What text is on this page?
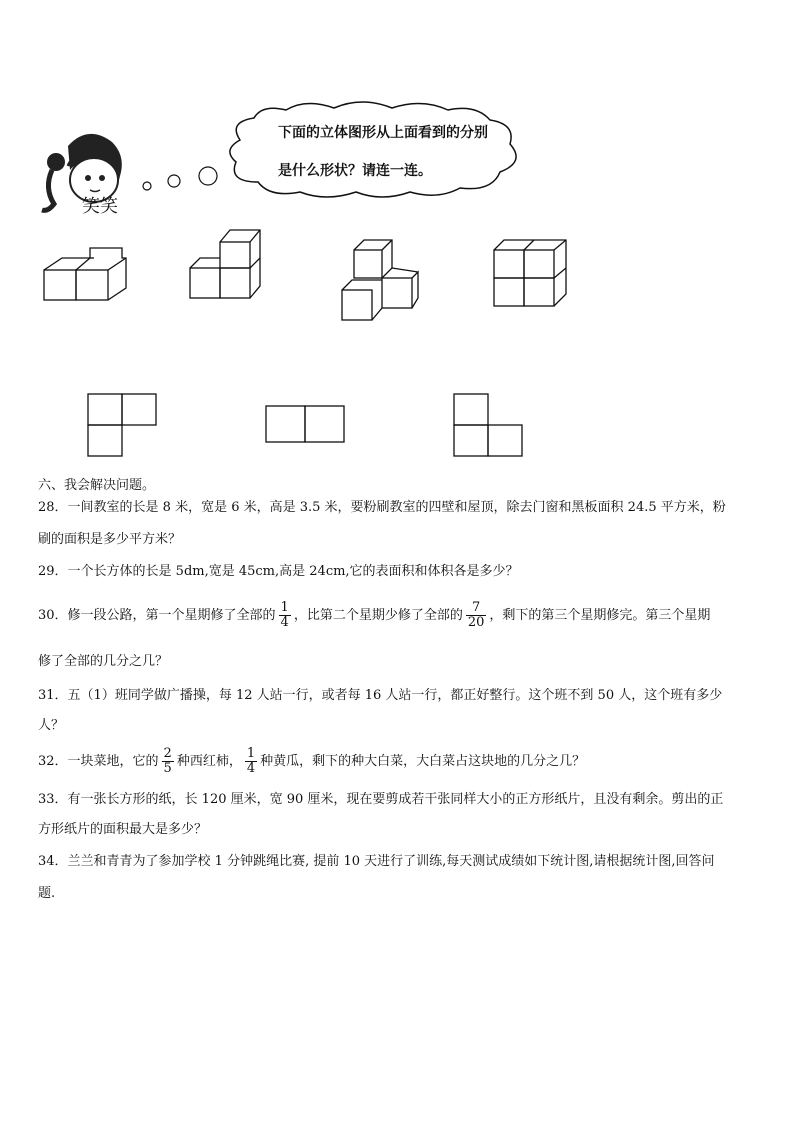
笑笑
下面的立体图形从上面看到的分别
是什么形状？请连一连。
六、我会解决问题。
28．一间教室的长是 8 米，宽是 6 米，高是 3.5 米，要粉刷教室的四壁和屋顶，除去门窗和黑板面积 24.5 平方米，粉
刷的面积是多少平方米？
29．一个长方体的长是 5dm,宽是 45cm,高是 24cm,它的表面积和体积各是多少？
30．修一段公路，第一个星期修了全部的 $\frac{1}{4}$ ，比第二个星期少修了全部的 $\frac{7}{20}$ ，剩下的第三个星期修完。第三个星期
修了全部的几分之几？
31．五（1）班同学做广播操，每 12 人站一行，或者每 16 人站一行，都正好整行。这个班不到 50 人，这个班有多少
人？
32．一块菜地，它的 $\frac{2}{5}$ 种西红柿， $\frac{1}{4}$ 种黄瓜，剩下的种大白菜，大白菜占这块地的几分之几？
33．有一张长方形的纸，长 120 厘米，宽 90 厘米，现在要剪成若干张同样大小的正方形纸片，且没有剩余。剪出的正
方形纸片的面积最大是多少？
34．兰兰和青青为了参加学校 1 分钟跳绳比赛, 提前 10 天进行了训练,每天测试成绩如下统计图,请根据统计图,回答问
题.
